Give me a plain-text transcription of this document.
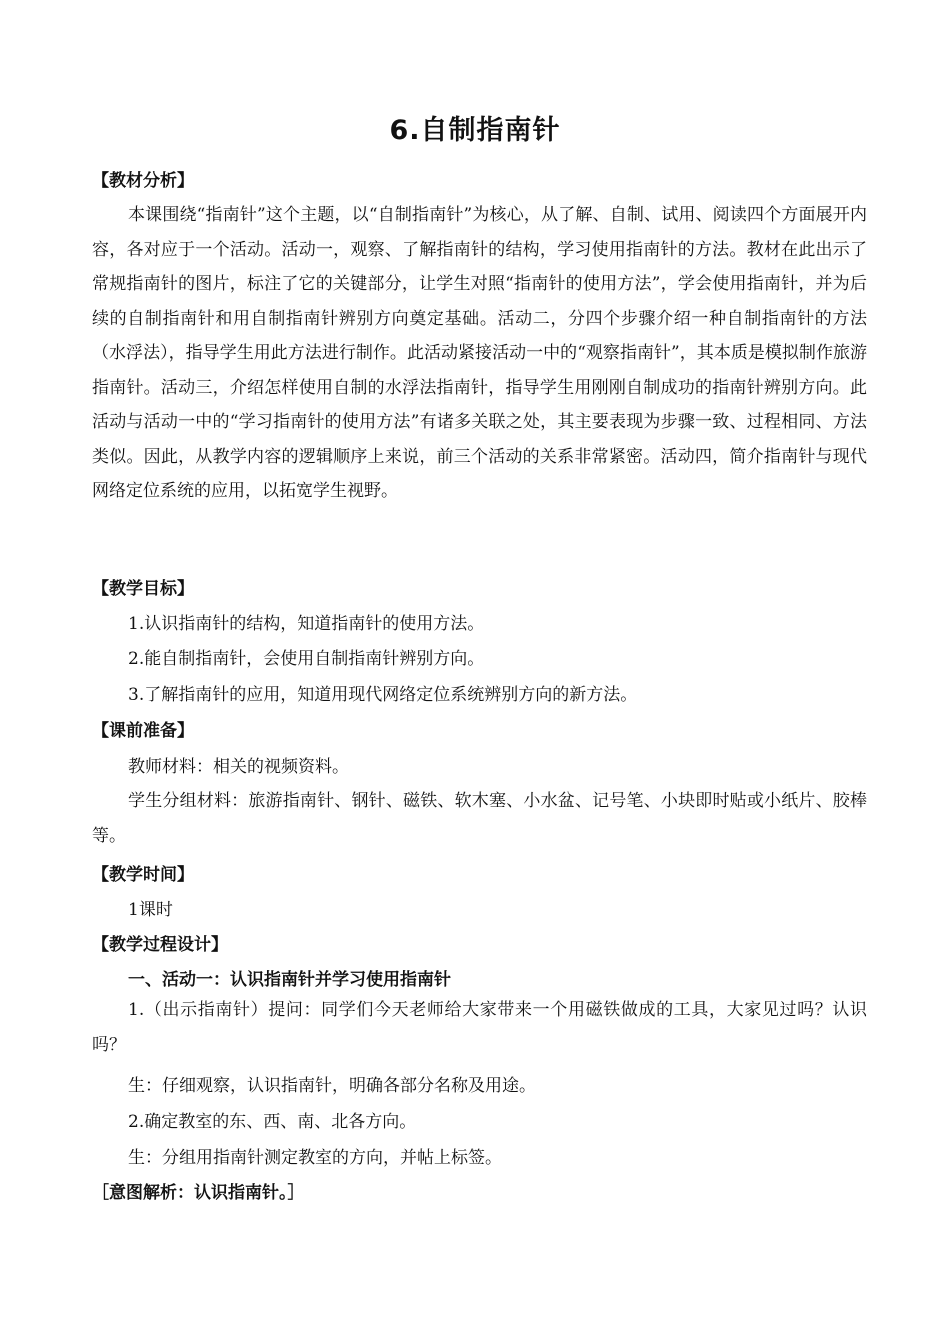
6.自制指南针
【教材分析】
本课围绕“指南针”这个主题，以“自制指南针”为核心，从了解、自制、试用、阅读四个方面展开内容，各对应于一个活动。活动一，观察、了解指南针的结构，学习使用指南针的方法。教材在此出示了常规指南针的图片，标注了它的关键部分，让学生对照“指南针的使用方法”，学会使用指南针，并为后续的自制指南针和用自制指南针辨别方向奠定基础。活动二，分四个步骤介绍一种自制指南针的方法（水浮法），指导学生用此方法进行制作。此活动紧接活动一中的“观察指南针”，其本质是模拟制作旅游指南针。活动三，介绍怎样使用自制的水浮法指南针，指导学生用刚刚自制成功的指南针辨别方向。此活动与活动一中的“学习指南针的使用方法”有诸多关联之处，其主要表现为步骤一致、过程相同、方法类似。因此，从教学内容的逻辑顺序上来说，前三个活动的关系非常紧密。活动四，简介指南针与现代网络定位系统的应用，以拓宽学生视野。
【教学目标】
1.认识指南针的结构，知道指南针的使用方法。
2.能自制指南针，会使用自制指南针辨别方向。
3.了解指南针的应用，知道用现代网络定位系统辨别方向的新方法。
【课前准备】
教师材料：相关的视频资料。
学生分组材料：旅游指南针、钢针、磁铁、软木塞、小水盆、记号笔、小块即时贴或小纸片、胶棒等。
【教学时间】
1课时
【教学过程设计】
一、活动一：认识指南针并学习使用指南针
1.（出示指南针）提问：同学们今天老师给大家带来一个用磁铁做成的工具，大家见过吗？认识吗？
生：仔细观察，认识指南针，明确各部分名称及用途。
2.确定教室的东、西、南、北各方向。
生：分组用指南针测定教室的方向，并帖上标签。
［意图解析：认识指南针。］
